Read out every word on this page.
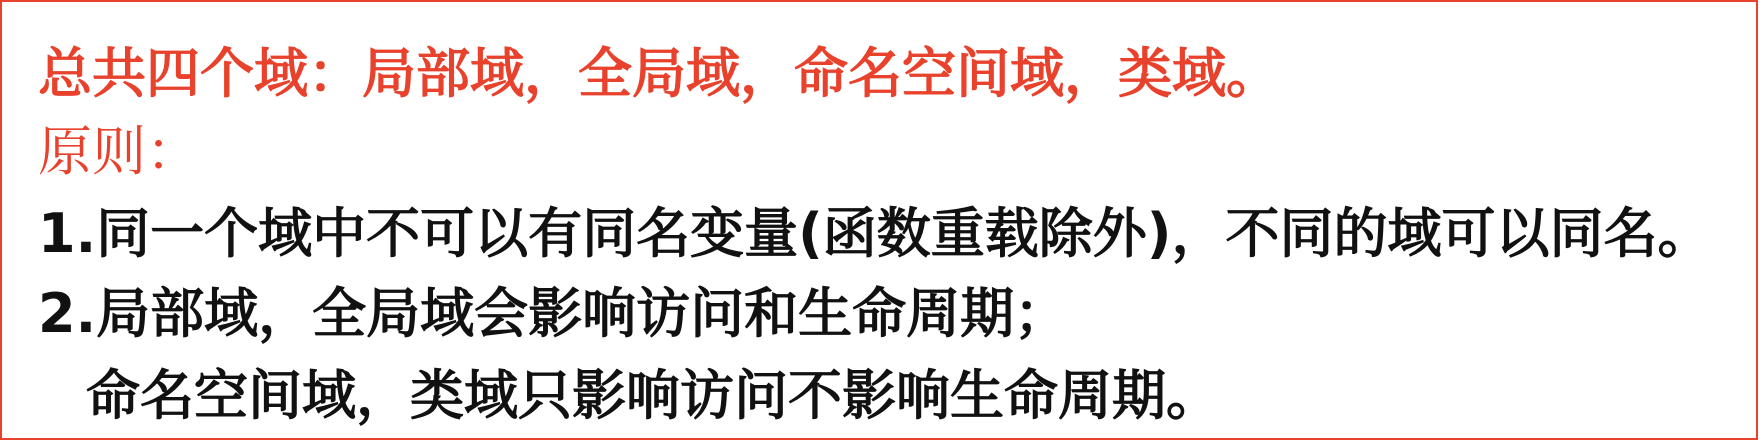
总共四个域：局部域，全局域，命名空间域，类域。
原则：
1.同一个域中不可以有同名变量(函数重载除外)，不同的域可以同名。
2.局部域，全局域会影响访问和生命周期；
命名空间域，类域只影响访问不影响生命周期。
